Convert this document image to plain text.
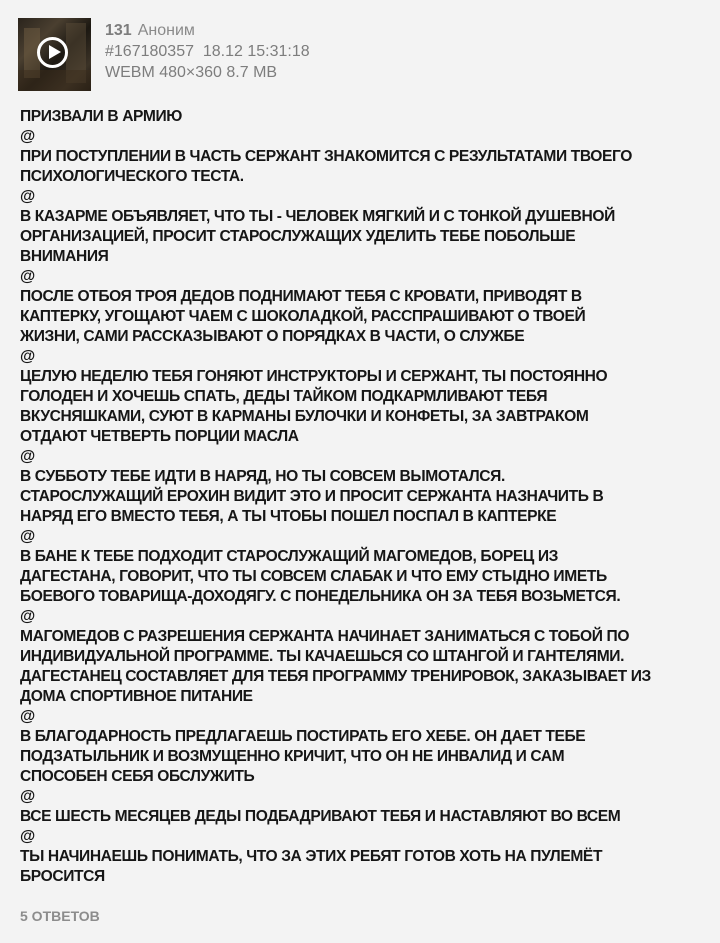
131 Аноним
#167180357  18.12 15:31:18
WEBM 480×360 8.7 MB
ПРИЗВАЛИ В АРМИЮ
@
ПРИ ПОСТУПЛЕНИИ В ЧАСТЬ СЕРЖАНТ ЗНАКОМИТСЯ С РЕЗУЛЬТАТАМИ ТВОЕГО
ПСИХОЛОГИЧЕСКОГО ТЕСТА.
@
В КАЗАРМЕ ОБЪЯВЛЯЕТ, ЧТО ТЫ - ЧЕЛОВЕК МЯГКИЙ И С ТОНКОЙ ДУШЕВНОЙ
ОРГАНИЗАЦИЕЙ, ПРОСИТ СТАРОСЛУЖАЩИХ УДЕЛИТЬ ТЕБЕ ПОБОЛЬШЕ
ВНИМАНИЯ
@
ПОСЛЕ ОТБОЯ ТРОЯ ДЕДОВ ПОДНИМАЮТ ТЕБЯ С КРОВАТИ, ПРИВОДЯТ В
КАПТЕРКУ, УГОЩАЮТ ЧАЕМ С ШОКОЛАДКОЙ, РАССПРАШИВАЮТ О ТВОЕЙ
ЖИЗНИ, САМИ РАССКАЗЫВАЮТ О ПОРЯДКАХ В ЧАСТИ, О СЛУЖБЕ
@
ЦЕЛУЮ НЕДЕЛЮ ТЕБЯ ГОНЯЮТ ИНСТРУКТОРЫ И СЕРЖАНТ, ТЫ ПОСТОЯННО
ГОЛОДЕН И ХОЧЕШЬ СПАТЬ, ДЕДЫ ТАЙКОМ ПОДКАРМЛИВАЮТ ТЕБЯ
ВКУСНЯШКАМИ, СУЮТ В КАРМАНЫ БУЛОЧКИ И КОНФЕТЫ, ЗА ЗАВТРАКОМ
ОТДАЮТ ЧЕТВЕРТЬ ПОРЦИИ МАСЛА
@
В СУББОТУ ТЕБЕ ИДТИ В НАРЯД, НО ТЫ СОВСЕМ ВЫМОТАЛСЯ.
СТАРОСЛУЖАЩИЙ ЕРОХИН ВИДИТ ЭТО И ПРОСИТ СЕРЖАНТА НАЗНАЧИТЬ В
НАРЯД ЕГО ВМЕСТО ТЕБЯ, А ТЫ ЧТОБЫ ПОШЕЛ ПОСПАЛ В КАПТЕРКЕ
@
В БАНЕ К ТЕБЕ ПОДХОДИТ СТАРОСЛУЖАЩИЙ МАГОМЕДОВ, БОРЕЦ ИЗ
ДАГЕСТАНА, ГОВОРИТ, ЧТО ТЫ СОВСЕМ СЛАБАК И ЧТО ЕМУ СТЫДНО ИМЕТЬ
БОЕВОГО ТОВАРИЩА-ДОХОДЯГУ. С ПОНЕДЕЛЬНИКА ОН ЗА ТЕБЯ ВОЗЬМЕТСЯ.
@
МАГОМЕДОВ С РАЗРЕШЕНИЯ СЕРЖАНТА НАЧИНАЕТ ЗАНИМАТЬСЯ С ТОБОЙ ПО
ИНДИВИДУАЛЬНОЙ ПРОГРАММЕ. ТЫ КАЧАЕШЬСЯ СО ШТАНГОЙ И ГАНТЕЛЯМИ.
ДАГЕСТАНЕЦ СОСТАВЛЯЕТ ДЛЯ ТЕБЯ ПРОГРАММУ ТРЕНИРОВОК, ЗАКАЗЫВАЕТ ИЗ
ДОМА СПОРТИВНОЕ ПИТАНИЕ
@
В БЛАГОДАРНОСТЬ ПРЕДЛАГАЕШЬ ПОСТИРАТЬ ЕГО ХЕБЕ. ОН ДАЕТ ТЕБЕ
ПОДЗАТЫЛЬНИК И ВОЗМУЩЕННО КРИЧИТ, ЧТО ОН НЕ ИНВАЛИД И САМ
СПОСОБЕН СЕБЯ ОБСЛУЖИТЬ
@
ВСЕ ШЕСТЬ МЕСЯЦЕВ ДЕДЫ ПОДБАДРИВАЮТ ТЕБЯ И НАСТАВЛЯЮТ ВО ВСЕМ
@
ТЫ НАЧИНАЕШЬ ПОНИМАТЬ, ЧТО ЗА ЭТИХ РЕБЯТ ГОТОВ ХОТЬ НА ПУЛЕМЁТ
БРОСИТСЯ
5 ОТВЕТОВ
